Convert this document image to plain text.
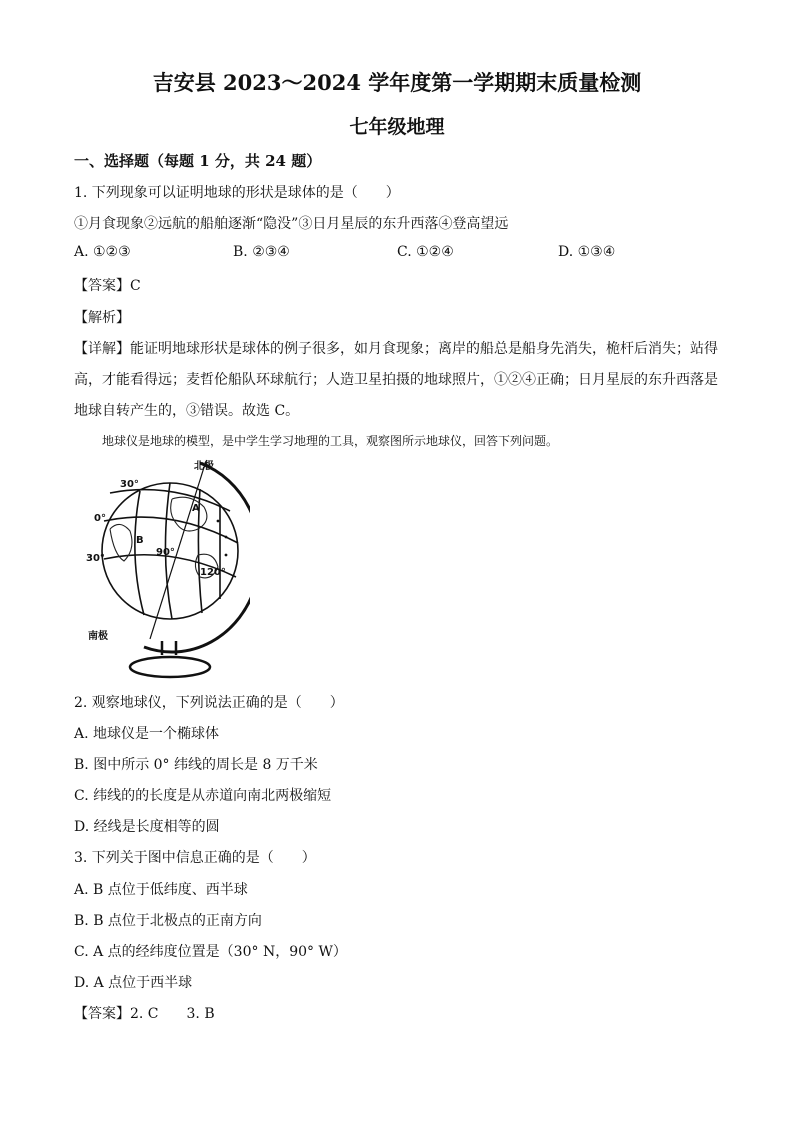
吉安县 2023～2024 学年度第一学期期末质量检测
七年级地理
一、选择题（每题 1 分，共 24 题）
1. 下列现象可以证明地球的形状是球体的是（　　）
①月食现象②远航的船舶逐渐“隐没”③日月星辰的东升西落④登高望远
A. ①②③	B. ②③④	C. ①②④	D. ①③④
【答案】C
【解析】
【详解】能证明地球形状是球体的例子很多，如月食现象；离岸的船总是船身先消失，桅杆后消失；站得
高，才能看得远；麦哲伦船队环球航行；人造卫星拍摄的地球照片，①②④正确；日月星辰的东升西落是
地球自转产生的，③错误。故选 C。
地球仪是地球的模型，是中学生学习地理的工具，观察图所示地球仪，回答下列问题。
北极
南极
30°
0°
30°
90°
120°
A
B
2. 观察地球仪，下列说法正确的是（　　）
A. 地球仪是一个椭球体
B. 图中所示 0° 纬线的周长是 8 万千米
C. 纬线的的长度是从赤道向南北两极缩短
D. 经线是长度相等的圆
3. 下列关于图中信息正确的是（　　）
A. B 点位于低纬度、西半球
B. B 点位于北极点的正南方向
C. A 点的经纬度位置是（30° N，90° W）
D. A 点位于西半球
【答案】2. C　　3. B
